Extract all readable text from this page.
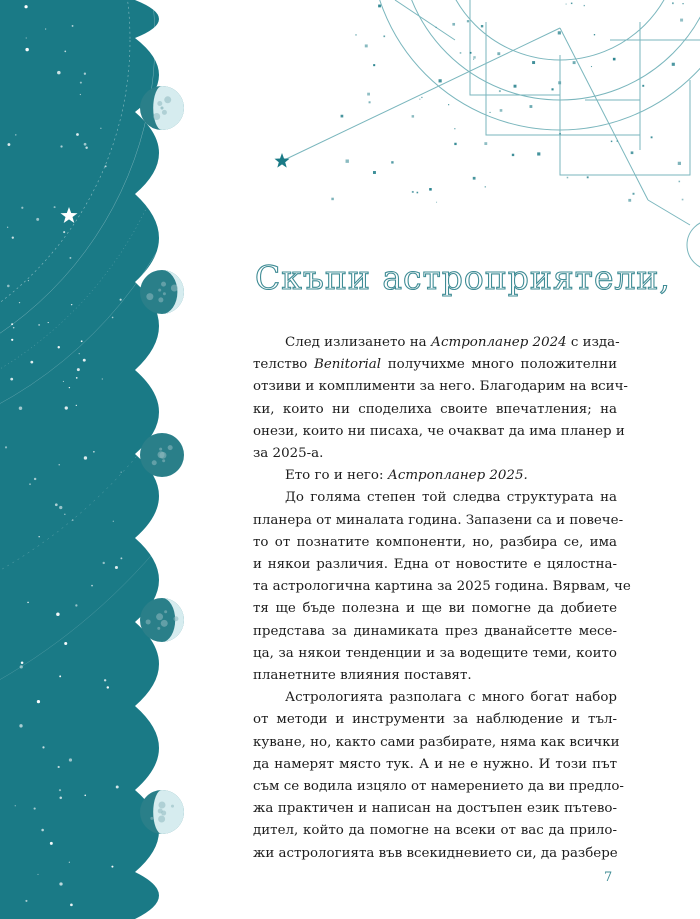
Скъпи астроприятели,
След излизането на Астропланер 2024 с изда-
телство Benitorial получихме много положителни
отзиви и комплименти за него. Благодарим на всич-
ки, които ни споделиха своите впечатления; на
онези, които ни писаха, че очакват да има планер и
за 2025-а.
Ето го и него: Астропланер 2025.
До голяма степен той следва структурата на
планера от миналата година. Запазени са и повече-
то от познатите компоненти, но, разбира се, има
и някои различия. Една от новостите е цялостна-
та астрологична картина за 2025 година. Вярвам, че
тя ще бъде полезна и ще ви помогне да добиете
представа за динамиката през дванайсетте месе-
ца, за някои тенденции и за водещите теми, които
планетните влияния поставят.
Астрологията разполага с много богат набор
от методи и инструменти за наблюдение и тъл-
куване, но, както сами разбирате, няма как всички
да намерят място тук. А и не е нужно. И този път
съм се водила изцяло от намерението да ви предло-
жа практичен и написан на достъпен език пътево-
дител, който да помогне на всеки от вас да прило-
жи астрологията във всекидневието си, да разбере
7
